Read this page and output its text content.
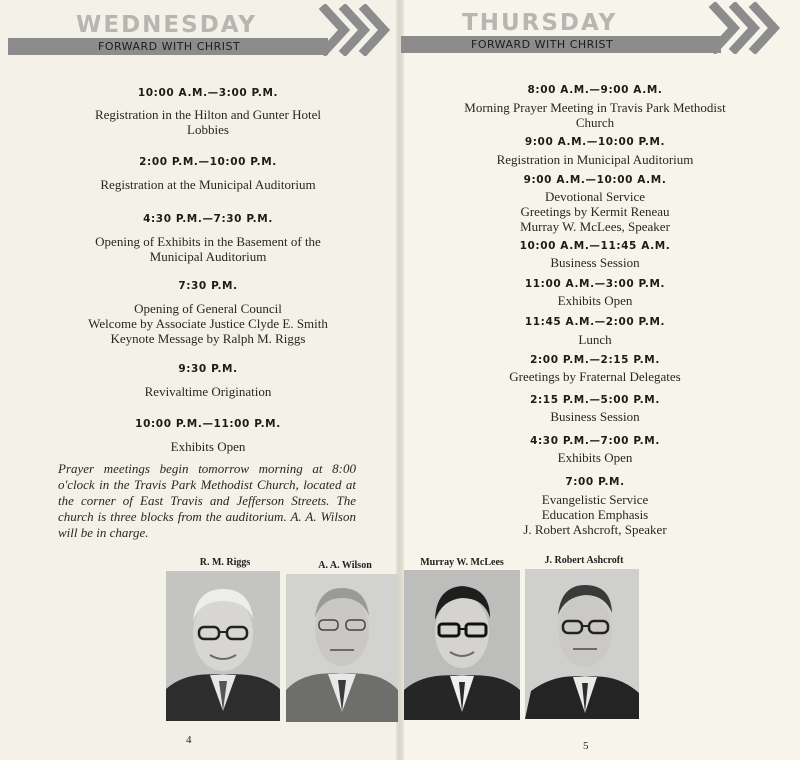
WEDNESDAY
FORWARD WITH CHRIST
THURSDAY
FORWARD WITH CHRIST
10:00 A.M.—3:00 P.M.
Registration in the Hilton and Gunter Hotel
Lobbies
2:00 P.M.—10:00 P.M.
Registration at the Municipal Auditorium
4:30 P.M.—7:30 P.M.
Opening of Exhibits in the Basement of the
Municipal Auditorium
7:30 P.M.
Opening of General Council
Welcome by Associate Justice Clyde E. Smith
Keynote Message by Ralph M. Riggs
9:30 P.M.
Revivaltime Origination
10:00 P.M.—11:00 P.M.
Exhibits Open
Prayer meetings begin tomorrow morning at 8:00 o'clock in the Travis Park Methodist Church, located at the corner of East Travis and Jefferson Streets. The church is three blocks from the auditorium. A. A. Wilson will be in charge.
R. M. Riggs	A. A. Wilson
4
8:00 A.M.—9:00 A.M.
Morning Prayer Meeting in Travis Park Methodist
Church
9:00 A.M.—10:00 P.M.
Registration in Municipal Auditorium
9:00 A.M.—10:00 A.M.
Devotional Service
Greetings by Kermit Reneau
Murray W. McLees, Speaker
10:00 A.M.—11:45 A.M.
Business Session
11:00 A.M.—3:00 P.M.
Exhibits Open
11:45 A.M.—2:00 P.M.
Lunch
2:00 P.M.—2:15 P.M.
Greetings by Fraternal Delegates
2:15 P.M.—5:00 P.M.
Business Session
4:30 P.M.—7:00 P.M.
Exhibits Open
7:00 P.M.
Evangelistic Service
Education Emphasis
J. Robert Ashcroft, Speaker
Murray W. McLees	J. Robert Ashcroft
5
